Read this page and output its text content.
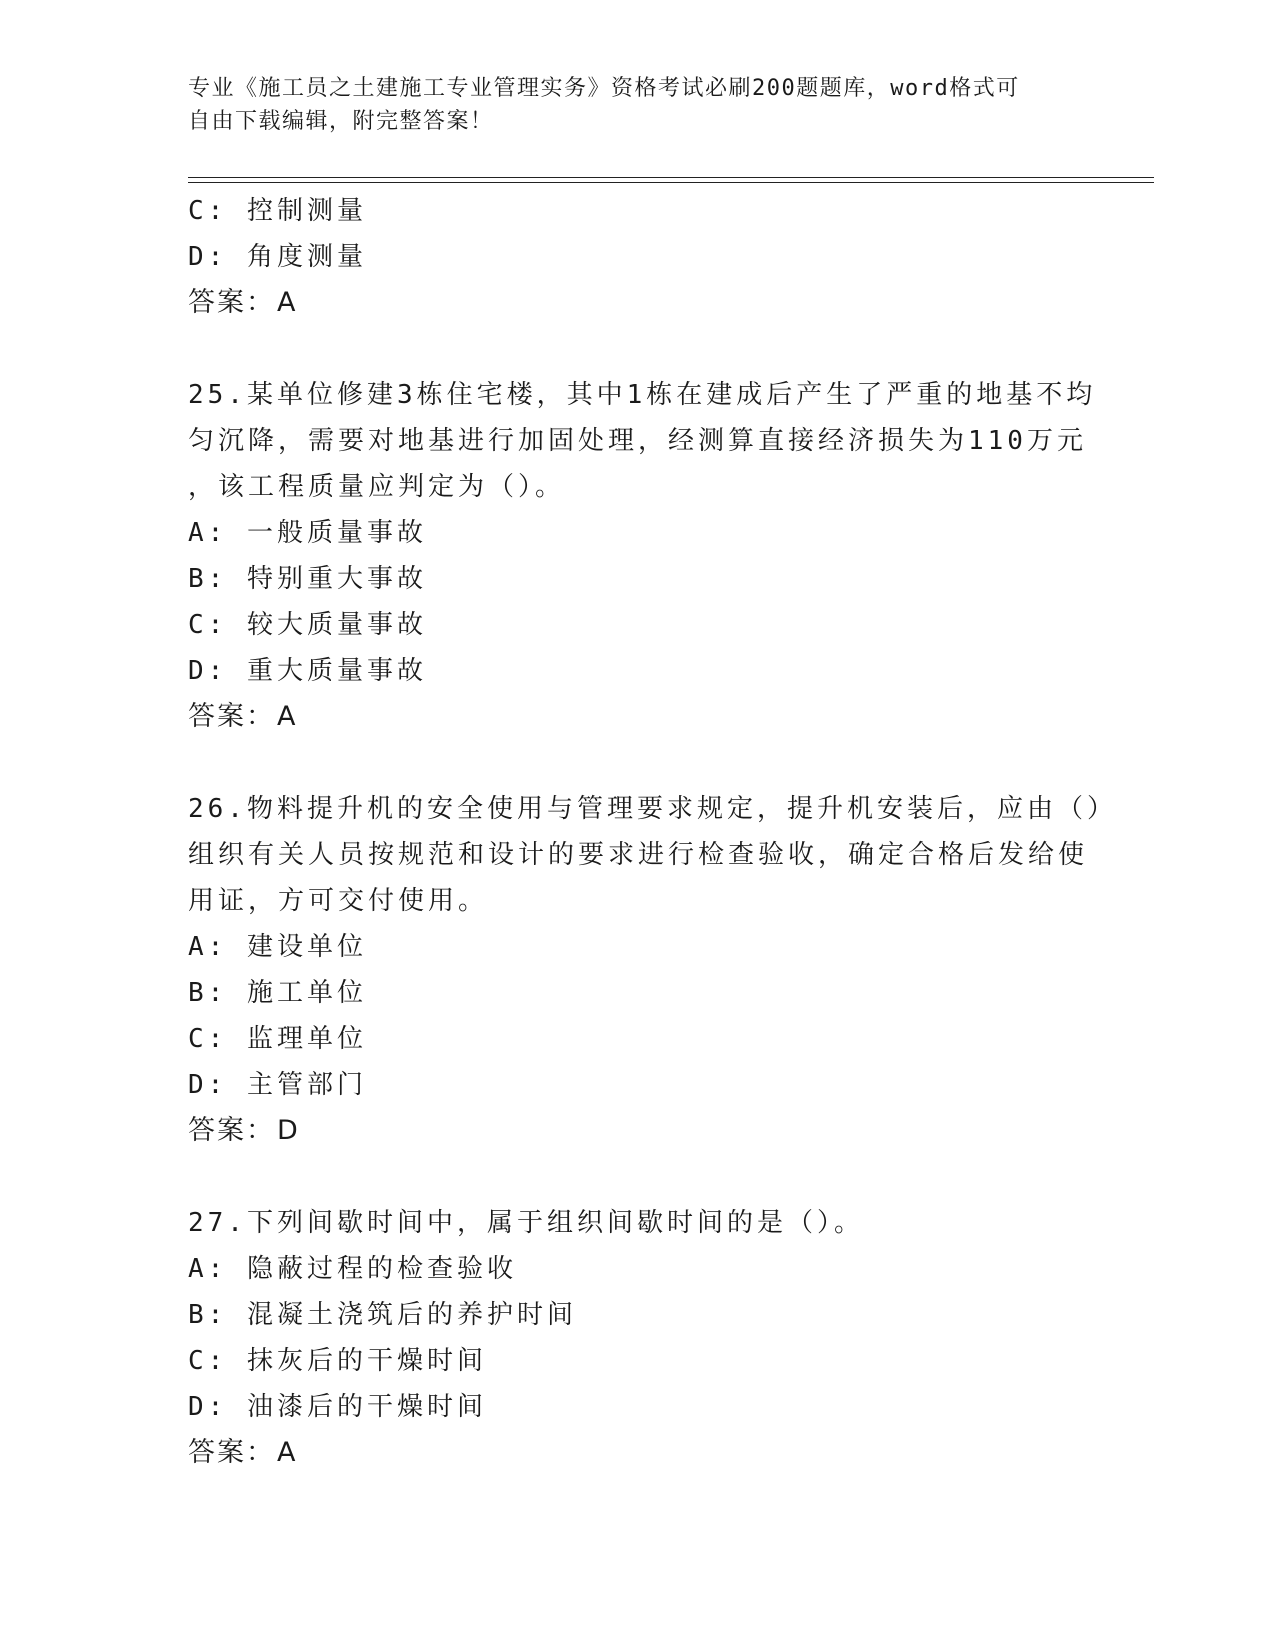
专业《施工员之土建施工专业管理实务》资格考试必刷200题题库，word格式可
自由下载编辑，附完整答案！
C: 控制测量
D: 角度测量
答案：A
25.某单位修建3栋住宅楼，其中1栋在建成后产生了严重的地基不均
匀沉降，需要对地基进行加固处理，经测算直接经济损失为110万元
，该工程质量应判定为（）。
A: 一般质量事故
B: 特别重大事故
C: 较大质量事故
D: 重大质量事故
答案：A
26.物料提升机的安全使用与管理要求规定，提升机安装后，应由（）
组织有关人员按规范和设计的要求进行检查验收，确定合格后发给使
用证，方可交付使用。
A: 建设单位
B: 施工单位
C: 监理单位
D: 主管部门
答案：D
27.下列间歇时间中，属于组织间歇时间的是（）。
A: 隐蔽过程的检查验收
B: 混凝土浇筑后的养护时间
C: 抹灰后的干燥时间
D: 油漆后的干燥时间
答案：A
